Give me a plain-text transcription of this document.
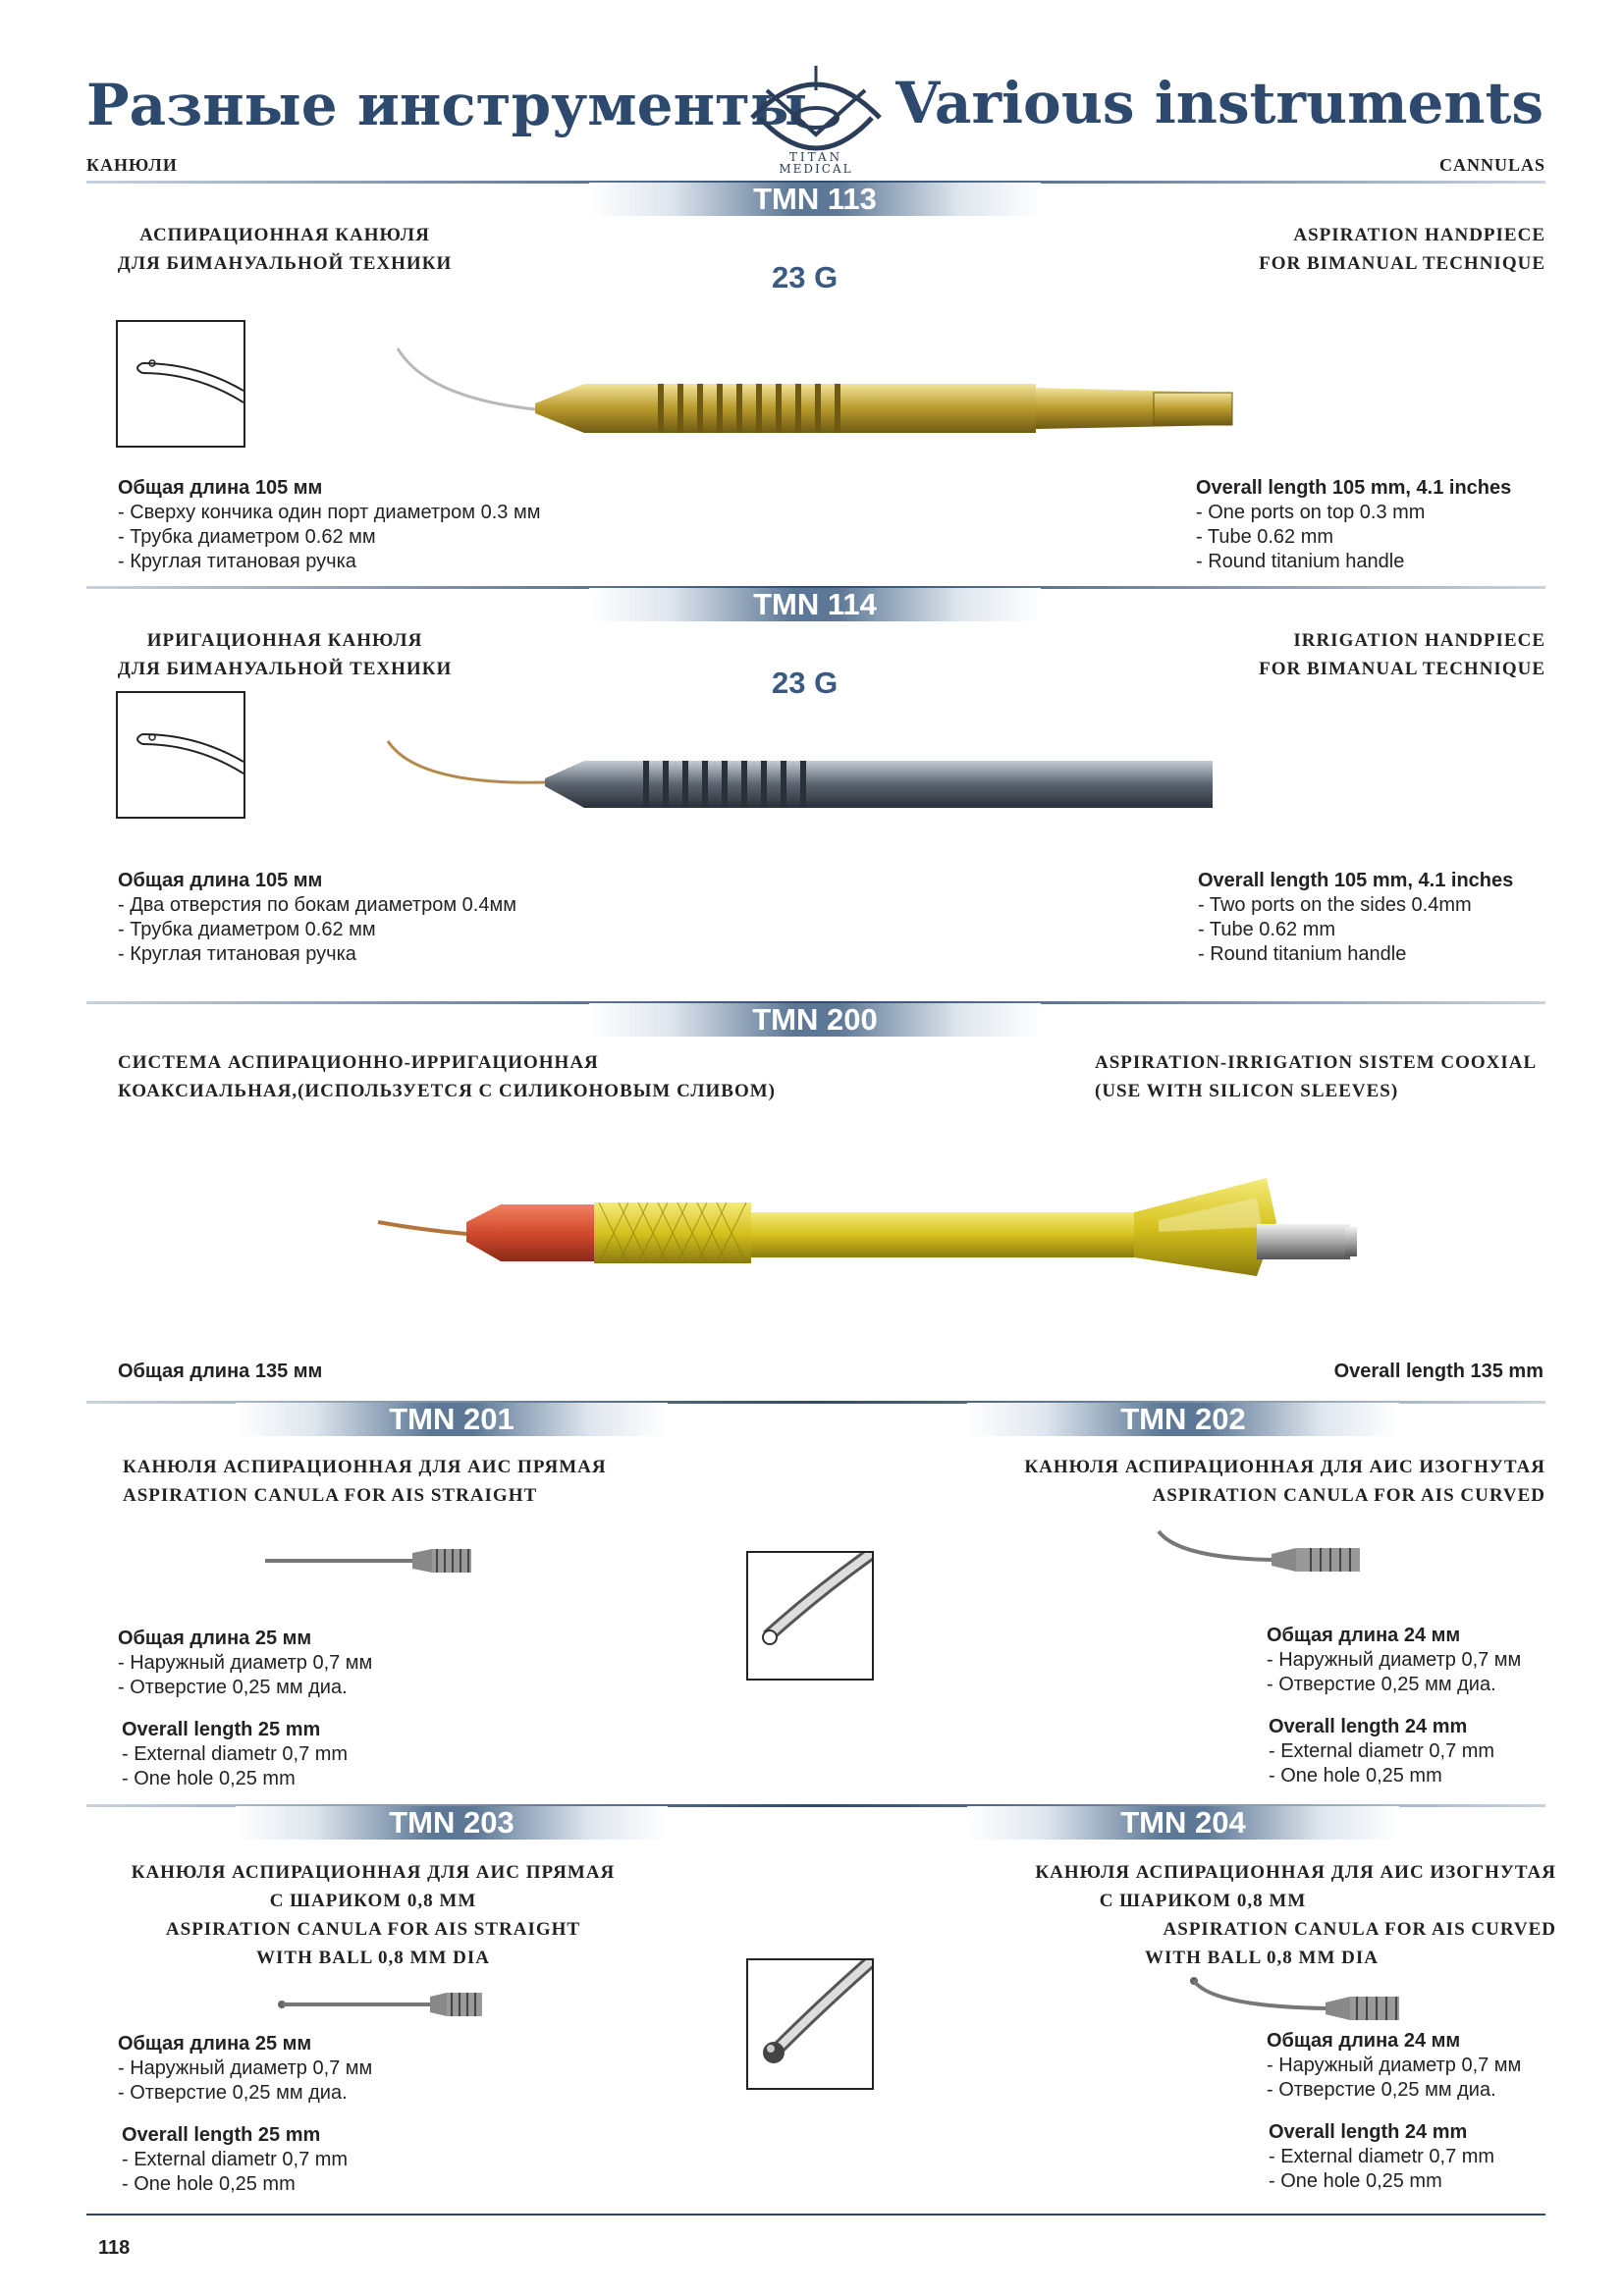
Разные инструменты Various instruments
TITAN
MEDICAL
КАНЮЛИ	CANNULAS
TMN 113
АСПИРАЦИОННАЯ КАНЮЛЯ
ДЛЯ БИМАНУАЛЬНОЙ ТЕХНИКИ
ASPIRATION HANDPIECE
FOR BIMANUAL TECHNIQUE
23 G
Общая длина 105 мм
- Сверху кончика один порт диаметром 0.3 мм
- Трубка диаметром 0.62 мм
- Круглая титановая ручка
Overall length 105 mm, 4.1 inches
- One ports on top 0.3 mm
- Tube 0.62 mm
- Round titanium handle
TMN 114
ИРИГАЦИОННАЯ КАНЮЛЯ
ДЛЯ БИМАНУАЛЬНОЙ ТЕХНИКИ
IRRIGATION HANDPIECE
FOR BIMANUAL TECHNIQUE
23 G
Общая длина 105 мм
- Два отверстия по бокам диаметром 0.4мм
- Трубка диаметром 0.62 мм
- Круглая титановая ручка
Overall length 105 mm, 4.1 inches
- Two ports on the sides 0.4mm
- Tube 0.62 mm
- Round titanium handle
TMN 200
СИСТЕМА АСПИРАЦИОННО-ИРРИГАЦИОННАЯ
КОАКСИАЛЬНАЯ,(ИСПОЛЬЗУЕТСЯ С СИЛИКОНОВЫМ СЛИВОМ)
ASPIRATION-IRRIGATION SISTEM COOXIAL
(USE WITH SILICON SLEEVES)
Общая длина 135 мм	Overall length 135 mm
TMN 201	TMN 202
КАНЮЛЯ АСПИРАЦИОННАЯ ДЛЯ АИС ПРЯМАЯ
ASPIRATION CANULA FOR AIS STRAIGHT
КАНЮЛЯ АСПИРАЦИОННАЯ ДЛЯ АИС ИЗОГНУТАЯ
ASPIRATION CANULA FOR AIS CURVED
Общая длина 25 мм
- Наружный диаметр 0,7 мм
- Отверстие 0,25 мм диа.
Overall length 25 mm
- External diametr 0,7 mm
- One hole 0,25 mm
Общая длина 24 мм
- Наружный диаметр 0,7 мм
- Отверстие 0,25 мм диа.
Overall length 24 mm
- External diametr 0,7 mm
- One hole 0,25 mm
TMN 203	TMN 204
КАНЮЛЯ АСПИРАЦИОННАЯ ДЛЯ АИС ПРЯМАЯ
С ШАРИКОМ 0,8 ММ
ASPIRATION CANULA FOR AIS STRAIGHT
WITH BALL 0,8 MM DIA
КАНЮЛЯ АСПИРАЦИОННАЯ ДЛЯ АИС ИЗОГНУТАЯ
С ШАРИКОМ 0,8 ММ
ASPIRATION CANULA FOR AIS CURVED
WITH BALL 0,8 MM DIA
Общая длина 25 мм
- Наружный диаметр 0,7 мм
- Отверстие 0,25 мм диа.
Overall length 25 mm
- External diametr 0,7 mm
- One hole 0,25 mm
Общая длина 24 мм
- Наружный диаметр 0,7 мм
- Отверстие 0,25 мм диа.
Overall length 24 mm
- External diametr 0,7 mm
- One hole 0,25 mm
118
